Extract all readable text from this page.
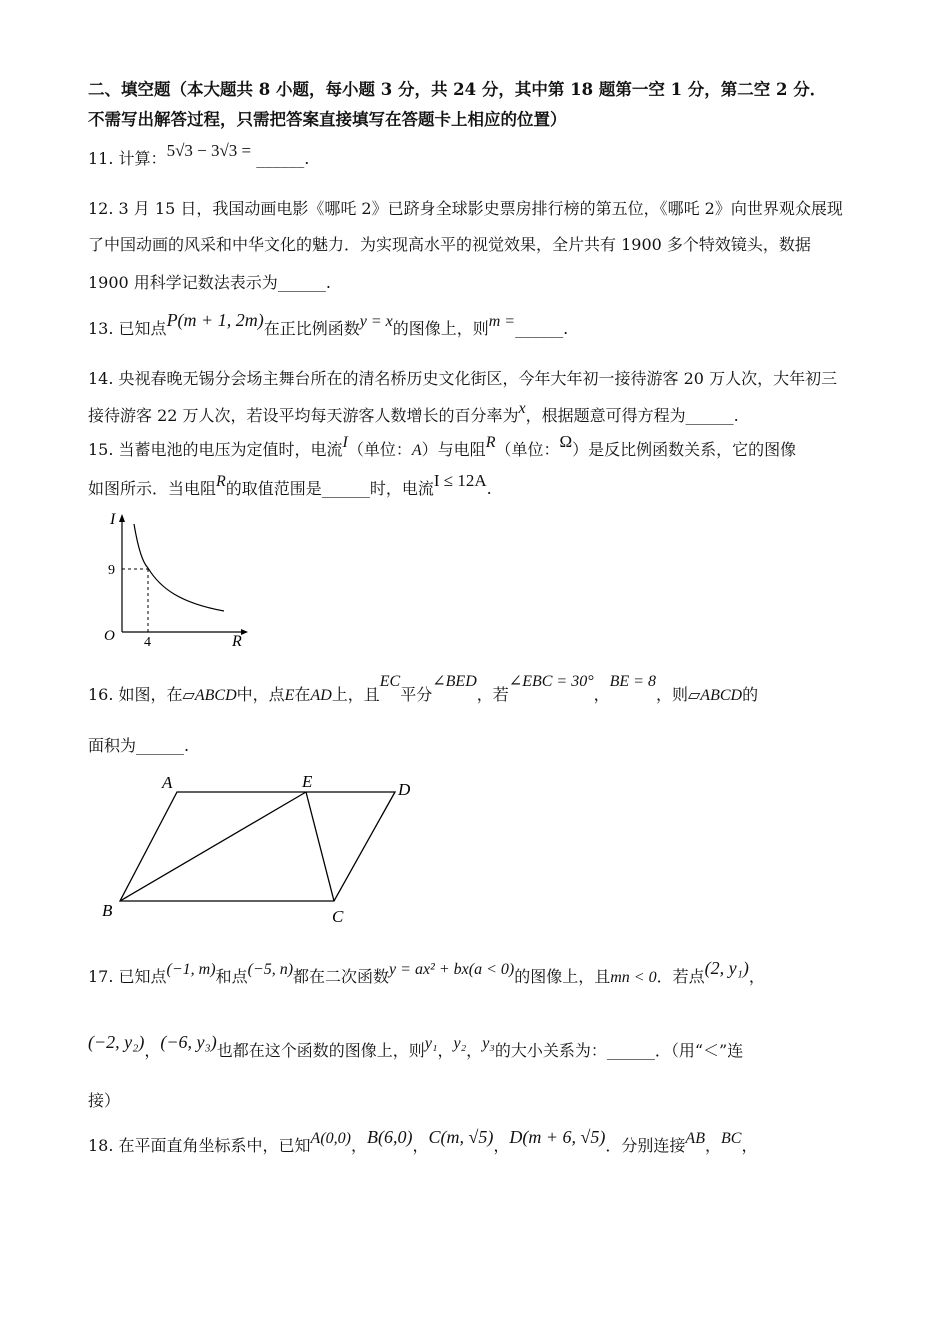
二、填空题（本大题共 8 小题，每小题 3 分，共 24 分，其中第 18 题第一空 1 分，第二空 2 分．
不需写出解答过程，只需把答案直接填写在答题卡上相应的位置）
11. 计算：5√3 − 3√3 = ______.
12. 3 月 15 日，我国动画电影《哪吒 2》已跻身全球影史票房排行榜的第五位，《哪吒 2》向世界观众展现
了中国动画的风采和中华文化的魅力．为实现高水平的视觉效果，全片共有 1900 多个特效镜头，数据
1900 用科学记数法表示为______.
13. 已知点P(m + 1, 2m)在正比例函数y = x的图像上，则m =______.
14. 央视春晚无锡分会场主舞台所在的清名桥历史文化街区，今年大年初一接待游客 20 万人次，大年初三
接待游客 22 万人次，若设平均每天游客人数增长的百分率为x，根据题意可得方程为______.
15. 当蓄电池的电压为定值时，电流I（单位：A）与电阻R（单位：Ω）是反比例函数关系，它的图像
如图所示．当电阻R的取值范围是______时，电流I ≤ 12A.
I
R
O
9
4
16. 如图，在▱ABCD中，点E在AD上，且EC平分∠BED，若∠EBC = 30°，BE = 8，则▱ABCD的
面积为______.
A	E	D
B	C
17. 已知点(−1, m)和点(−5, n)都在二次函数y = ax² + bx(a < 0)的图像上，且mn < 0．若点(2, y₁)，
(−2, y₂)，(−6, y₃)也都在这个函数的图像上，则y₁，y₂，y₃的大小关系为：______．（用“＜”连
接）
18. 在平面直角坐标系中，已知A(0,0)，B(6,0)，C(m, √5)，D(m + 6, √5)．分别连接AB，BC，
